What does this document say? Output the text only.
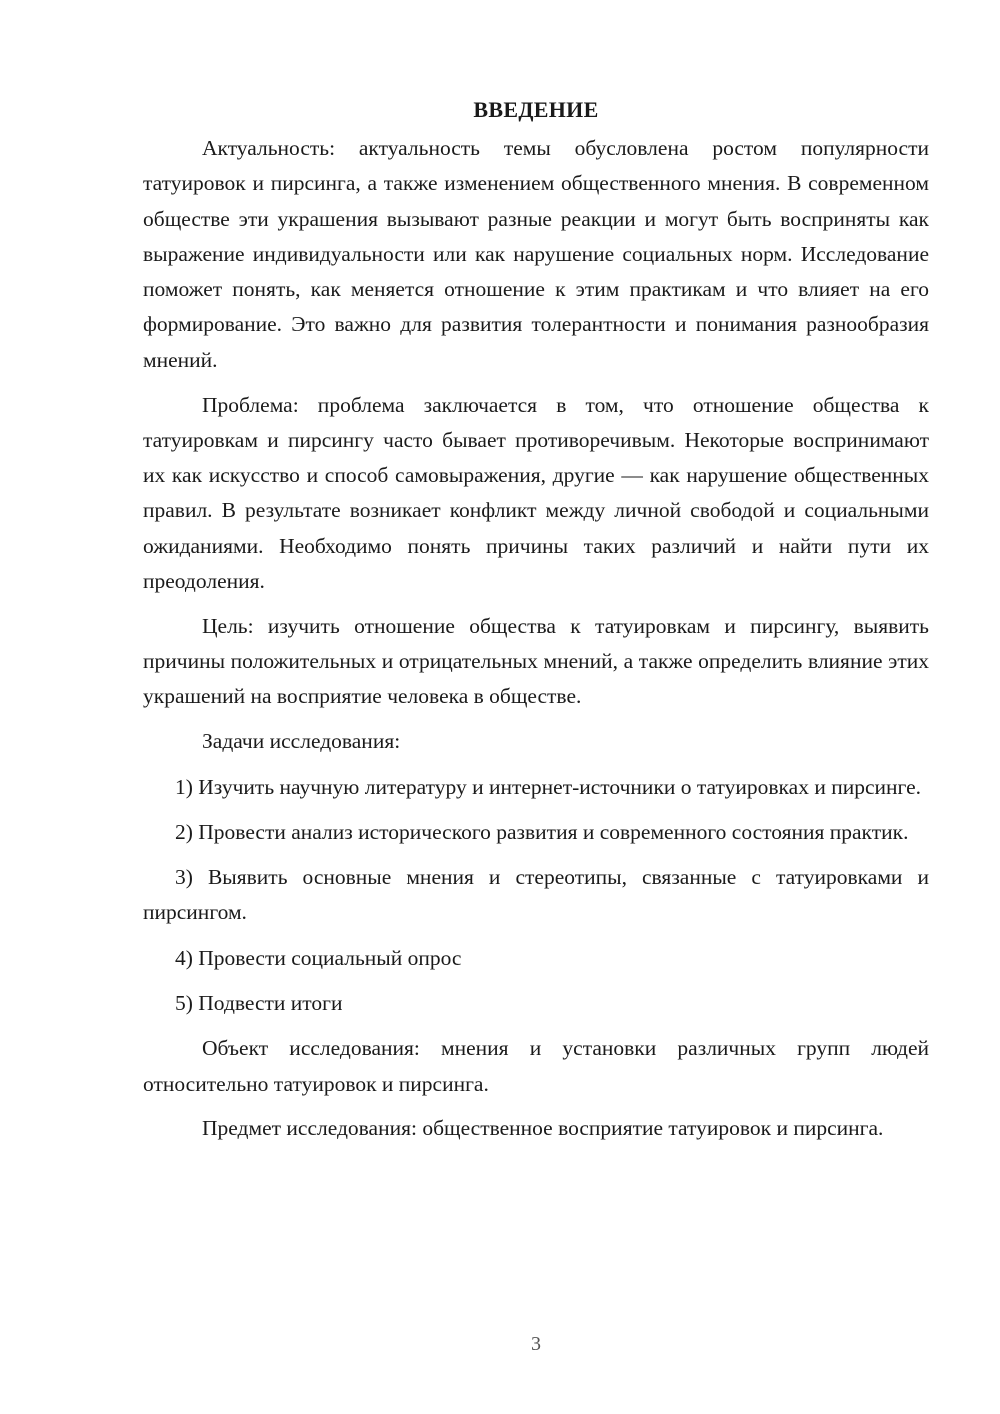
ВВЕДЕНИЕ

Актуальность: актуальность темы обусловлена ростом популярности татуировок и пирсинга, а также изменением общественного мнения. В современном обществе эти украшения вызывают разные реакции и могут быть восприняты как выражение индивидуальности или как нарушение социальных норм. Исследование поможет понять, как меняется отношение к этим практикам и что влияет на его формирование. Это важно для развития толерантности и понимания разнообразия мнений.

Проблема: проблема заключается в том, что отношение общества к татуировкам и пирсингу часто бывает противоречивым. Некоторые воспринимают их как искусство и способ самовыражения, другие — как нарушение общественных правил. В результате возникает конфликт между личной свободой и социальными ожиданиями. Необходимо понять причины таких различий и найти пути их преодоления.

Цель: изучить отношение общества к татуировкам и пирсингу, выявить причины положительных и отрицательных мнений, а также определить влияние этих украшений на восприятие человека в обществе.

Задачи исследования:

1) Изучить научную литературу и интернет-источники о татуировках и пирсинге.

2) Провести анализ исторического развития и современного состояния практик.

3) Выявить основные мнения и стереотипы, связанные с татуировками и пирсингом.

4) Провести социальный опрос

5) Подвести итоги

Объект исследования: мнения и установки различных групп людей относительно татуировок и пирсинга.

Предмет исследования: общественное восприятие татуировок и пирсинга.

3
